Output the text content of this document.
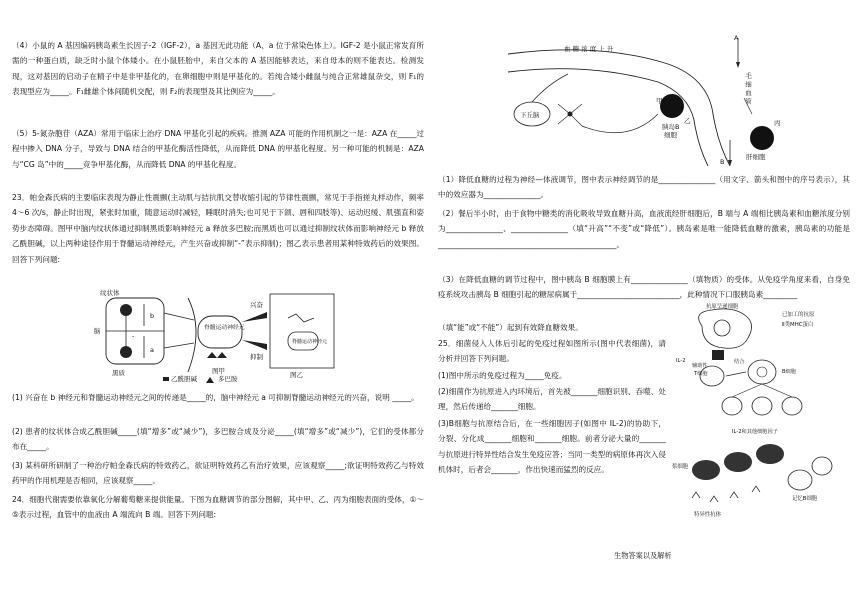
（4）小鼠的 A 基因编码胰岛素生长因子-2（IGF-2），a 基因无此功能（A、a 位于常染色体上）。IGF-2 是小鼠正常发育所需的一种蛋白质，缺乏时小鼠个体矮小。在小鼠胚胎中，来自父本的 A 基因能够表达，来自母本的则不能表达。检测发现，这对基因的启动子在精子中是非甲基化的，在卵细胞中则是甲基化的。若纯合矮小雌鼠与纯合正常雄鼠杂交，则 F₁的表现型应为_____。F₁雌雄个体间随机交配，则 F₂的表现型及其比例应为_____。

（5）5-氮杂胞苷（AZA）常用于临床上治疗 DNA 甲基化引起的疾病。推测 AZA 可能的作用机制之一是：AZA 在_____过程中掺入 DNA 分子，导致与 DNA 结合的甲基化酶活性降低，从而降低 DNA 的甲基化程度。另一种可能的机制是：AZA 与“CG 岛”中的_____竞争甲基化酶，从而降低 DNA 的甲基化程度。

23．帕金森氏病的主要临床表现为静止性震颤(主动肌与拮抗肌交替收缩引起的节律性震颤，常见于手指搓丸样动作，频率 4～6 次/s，静止时出现，紧张时加重，随意运动时减轻，睡眠时消失;也可见于下颌、唇和四肢等)、运动迟缓、肌强直和姿势步态障碍。图甲中脑内纹状体通过抑制黑质影响神经元 a 释放多巴胺;而黑质也可以通过抑制纹状体而影响神经元 b 释放乙酰胆碱，以上两种途径作用于脊髓运动神经元，产生兴奋或抑制“-”表示抑制)；图乙表示患者用某种特效药后的效果图。回答下列问题:

纹状体
脑
黑质
b
a
-
脊髓运动神经元
脊髓运动神经元
兴奋
抑制
图甲	图乙
乙酰胆碱	多巴胺

(1) 兴奋在 b 神经元和脊髓运动神经元之间的传递是_____的，脑中神经元 a 可抑制脊髓运动神经元的兴奋，说明 _____。

(2) 患者的纹状体合成乙酰胆碱_____(填“增多”或“减少”)，多巴胺合成及分泌_____(填“增多”或“减少”)，它们的受体都分布在_____。

(3) 某科研所研制了一种治疗帕金森氏病的特效药乙，欲证明特效药乙有治疗效果，应该观察_____;欲证明特效药乙与特效药甲的作用机理是否相同，应该观察_____。

24．细胞代谢需要依靠氧化分解葡萄糖来提供能量。下图为血糖调节的部分图解，其中甲、乙、丙为细胞表面的受体，①～⑤表示过程，血管中的血液由 A 端流向 B 端。回答下列问题:

血 糖 浓 度 上 升
下丘脑
A
B
毛 细 血 管
甲
乙	丙
胰岛B
细胞
肝细胞

（1）降低血糖的过程为神经—体液调节，图中表示神经调节的是_______________（用文字、箭头和图中的序号表示），其中的效应器为_______________。

（2）餐后半小时，由于食物中糖类的消化吸收导致血糖升高，血液流经肝细胞后，B 端与 A 端相比胰岛素和血糖浓度分别为_______________、_______________（填“升高”“不变”或“降低”）。胰岛素是唯一能降低血糖的激素，胰岛素的功能是_______________________________________________。

（3）在降低血糖的调节过程中，图中胰岛 B 细胞膜上有_______________（填物质）的受体。从免疫学角度来看，自身免疫系统攻击胰岛 B 细胞引起的糖尿病属于___________________________，此种情况下口服胰岛素_________

（填“能”或“不能”）起到有效降血糖效果。

25．细菌侵入人体后引起的免疫过程如图所示(图中代表细菌)，请分析并回答下列问题。

(1)图中所示的免疫过程为_____免疫。

(2)细菌作为抗原进入内环境后，首先被_______细胞识别、吞噬、处理，然后传递给_______细胞。

(3)B细胞与抗原结合后，在一些细胞因子(如图中 IL-2)的协助下，分裂、分化成_______细胞和_______细胞。前者分泌大量的_______与抗原进行特异性结合发生免疫应答；当同一类型的病原体再次入侵机体时，后者会_______，作出快速而猛烈的反应。

抗原呈递细胞
已加工的抗原
Ⅱ类MHC蛋白
辅助性
T细胞
IL-2	结合
B细胞
IL-2和其他细胞因子
浆细胞
记忆B细胞
特异性抗体

生物答案以及解析
